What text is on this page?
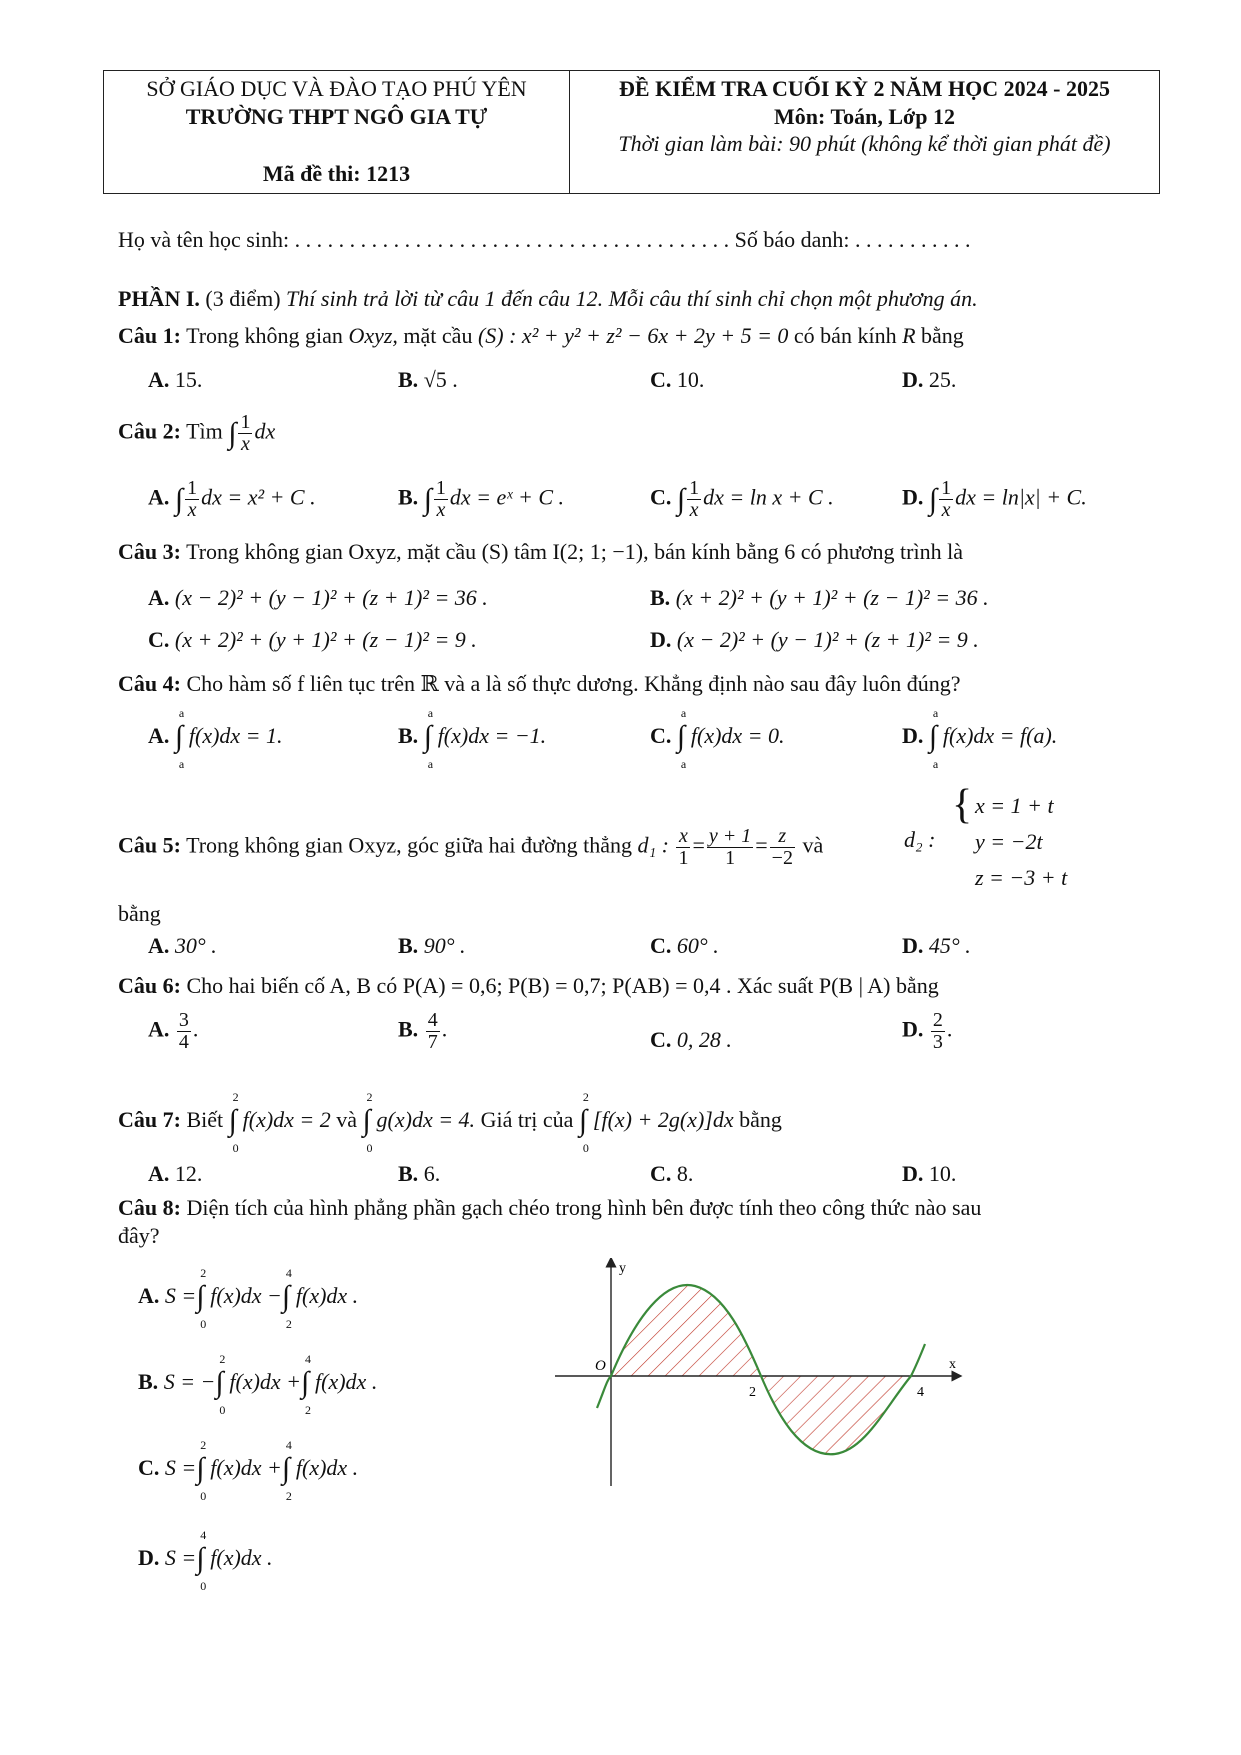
SỞ GIÁO DỤC VÀ ĐÀO TẠO PHÚ YÊN
TRƯỜNG THPT NGÔ GIA TỰ
Mã đề thi: 1213
ĐỀ KIỂM TRA CUỐI KỲ 2 NĂM HỌC 2024 - 2025
Môn: Toán, Lớp 12
Thời gian làm bài: 90 phút (không kể thời gian phát đề)
Họ và tên học sinh: . . . . . . . . . . . . . . . . . . . . . . . . . . . . . . . . . . . . . . . . Số báo danh: . . . . . . . . . . .
PHẦN I. (3 điểm) Thí sinh trả lời từ câu 1 đến câu 12. Mỗi câu thí sinh chỉ chọn một phương án.
Câu 1: Trong không gian Oxyz, mặt cầu (S) : x² + y² + z² − 6x + 2y + 5 = 0 có bán kính R bằng
A. 15.	B. √5 .	C. 10.	D. 25.
Câu 2: Tìm ∫ $\frac{1}{x}$ dx
A. ∫ $\frac{1}{x}$ dx = x² + C .	B. ∫ $\frac{1}{x}$ dx = eˣ + C .	C. ∫ $\frac{1}{x}$ dx = ln x + C .	D. ∫ $\frac{1}{x}$ dx = ln|x| + C.
Câu 3: Trong không gian Oxyz, mặt cầu (S) tâm I(2; 1; −1), bán kính bằng 6 có phương trình là
A. (x − 2)² + (y − 1)² + (z + 1)² = 36 .	B. (x + 2)² + (y + 1)² + (z − 1)² = 36 .
C. (x + 2)² + (y + 1)² + (z − 1)² = 9 .	D. (x − 2)² + (y − 1)² + (z + 1)² = 9 .
Câu 4: Cho hàm số f liên tục trên ℝ và a là số thực dương. Khẳng định nào sau đây luôn đúng?
A.
a
∫
a
f(x)dx = 1.	B.
a
∫
a
f(x)dx = −1.	C.
a
∫
a
f(x)dx = 0.	D.
a
∫
a
f(x)dx = f(a).
Câu 5: Trong không gian Oxyz, góc giữa hai đường thẳng d₁ : $\frac{x}{1} = \frac{y + 1}{1} = \frac{z}{-2}$ và	d₂ :
{ x = 1 + t
y = −2t
z = −3 + t
bằng
A. 30° .	B. 90° .	C. 60° .	D. 45° .
Câu 6: Cho hai biến cố A, B có P(A) = 0,6; P(B) = 0,7; P(AB) = 0,4 . Xác suất P(B | A) bằng
A. $\frac{3}{4}$ .	B. $\frac{4}{7}$ .	C. 0, 28 .	D. $\frac{2}{3}$ .
Câu 7: Biết
2
∫
0
f(x)dx = 2 và
2
∫
0
g(x)dx = 4. Giá trị của
2
∫
0
[f(x) + 2g(x)]dx bằng
A. 12.	B. 6.	C. 8.	D. 10.
Câu 8: Diện tích của hình phẳng phần gạch chéo trong hình bên được tính theo công thức nào sau
đây?
A. S =
2
∫
0
f(x)dx −
4
∫
2
f(x)dx .
B. S = −
2
∫
0
f(x)dx +
4
∫
2
f(x)dx .
C. S =
2
∫
0
f(x)dx +
4
∫
2
f(x)dx .
D. S =
4
∫
0
f(x)dx .
y
x
O
2	4
